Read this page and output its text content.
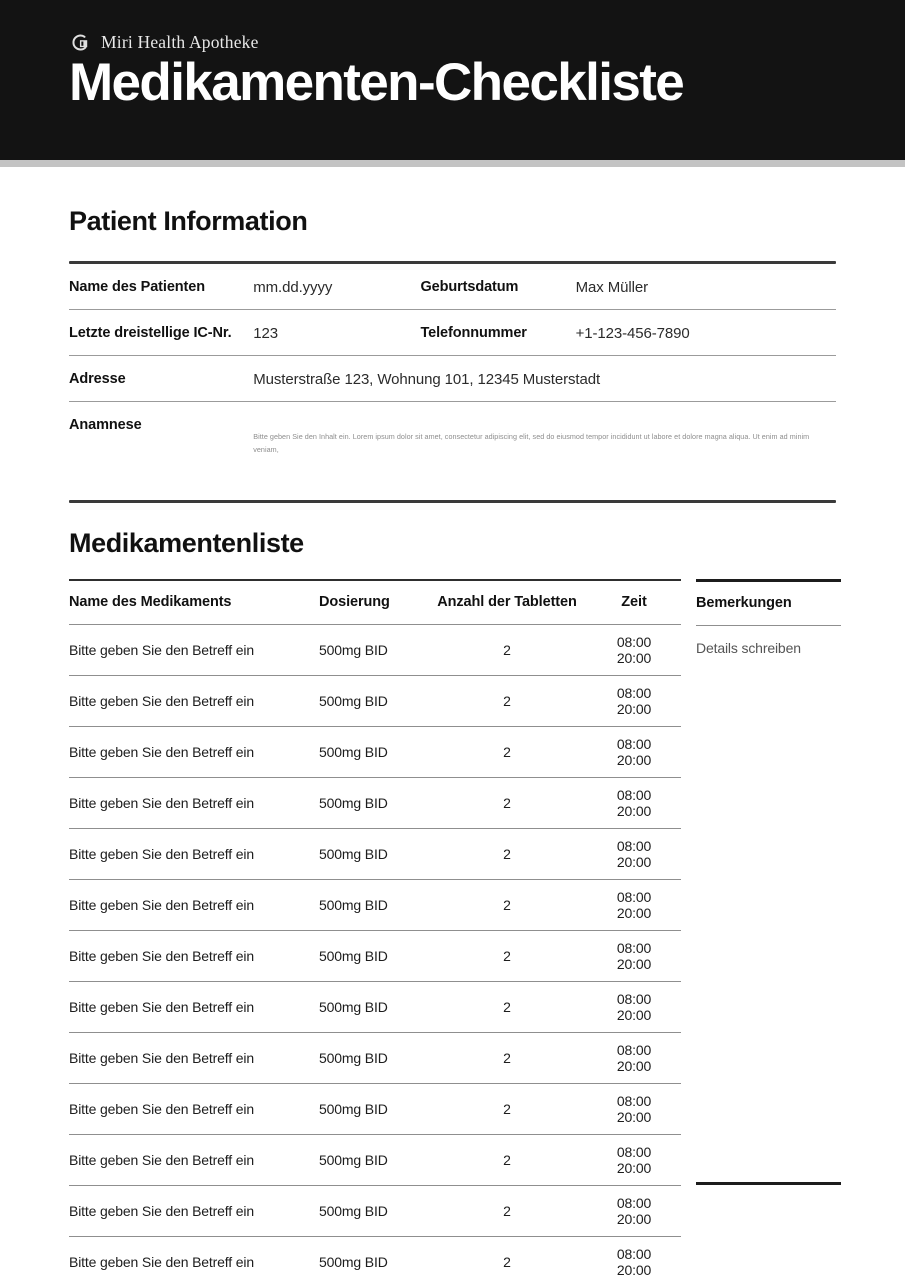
Miri Health Apotheke
Medikamenten-Checkliste
Patient Information
Name des Patienten	mm.dd.yyyy	Geburtsdatum	Max Müller
Letzte dreistellige IC-Nr.	123	Telefonnummer	+1-123-456-7890
Adresse	Musterstraße 123, Wohnung 101, 12345 Musterstadt		
Anamnese	Bitte geben Sie den Inhalt ein. Lorem ipsum dolor sit amet, consectetur adipiscing elit, sed do eiusmod tempor incididunt ut labore et dolore magna aliqua. Ut enim ad minim veniam,		
Medikamentenliste
Name des Medikaments	Dosierung	Anzahl der Tabletten	Zeit
Bitte geben Sie den Betreff ein	500mg BID	2	08:00
20:00

Bitte geben Sie den Betreff ein	500mg BID	2	08:00
20:00

Bitte geben Sie den Betreff ein	500mg BID	2	08:00
20:00

Bitte geben Sie den Betreff ein	500mg BID	2	08:00
20:00

Bitte geben Sie den Betreff ein	500mg BID	2	08:00
20:00

Bitte geben Sie den Betreff ein	500mg BID	2	08:00
20:00

Bitte geben Sie den Betreff ein	500mg BID	2	08:00
20:00

Bitte geben Sie den Betreff ein	500mg BID	2	08:00
20:00

Bitte geben Sie den Betreff ein	500mg BID	2	08:00
20:00

Bitte geben Sie den Betreff ein	500mg BID	2	08:00
20:00

Bitte geben Sie den Betreff ein	500mg BID	2	08:00
20:00

Bitte geben Sie den Betreff ein	500mg BID	2	08:00
20:00

Bitte geben Sie den Betreff ein	500mg BID	2	08:00
20:00
Bemerkungen
Details schreiben
